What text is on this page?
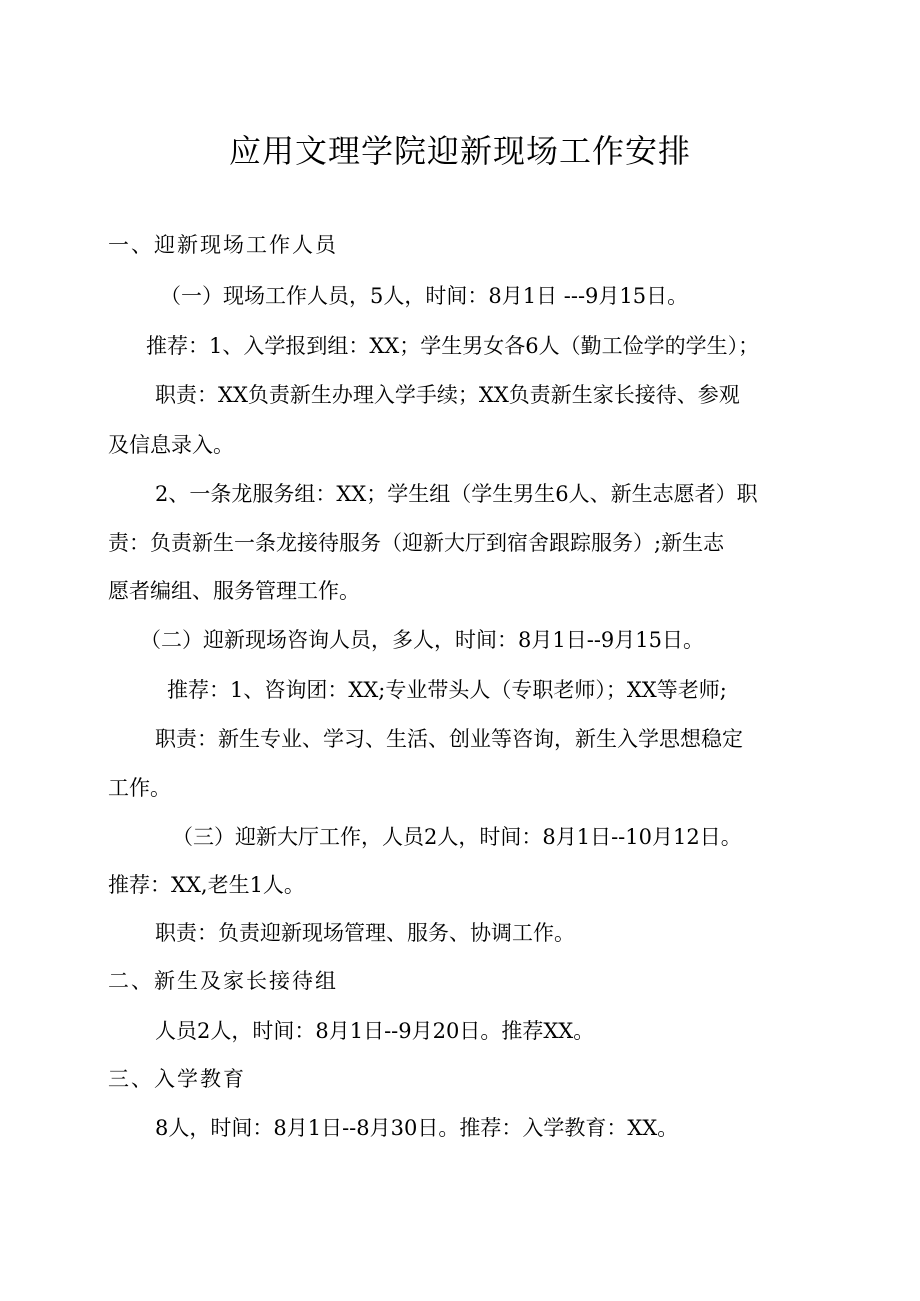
应用文理学院迎新现场工作安排
一、迎新现场工作人员
（一）现场工作人员，5人，时间：8月1日 ---9月15日。
推荐：1、入学报到组：XX；学生男女各6人（勤工俭学的学生）；
职责：XX负责新生办理入学手续；XX负责新生家长接待、参观
及信息录入。
2、一条龙服务组：XX；学生组（学生男生6人、新生志愿者）职
责：负责新生一条龙接待服务（迎新大厅到宿舍跟踪服务）;新生志
愿者编组、服务管理工作。
（二）迎新现场咨询人员，多人，时间：8月1日--9月15日。
推荐：1、咨询团：XX;专业带头人（专职老师）；XX等老师;
职责：新生专业、学习、生活、创业等咨询，新生入学思想稳定
工作。
（三）迎新大厅工作，人员2人，时间：8月1日--10月12日。
推荐：XX,老生1人。
职责：负责迎新现场管理、服务、协调工作。
二、新生及家长接待组
人员2人，时间：8月1日--9月20日。推荐XX。
三、入学教育
8人，时间：8月1日--8月30日。推荐：入学教育：XX。
